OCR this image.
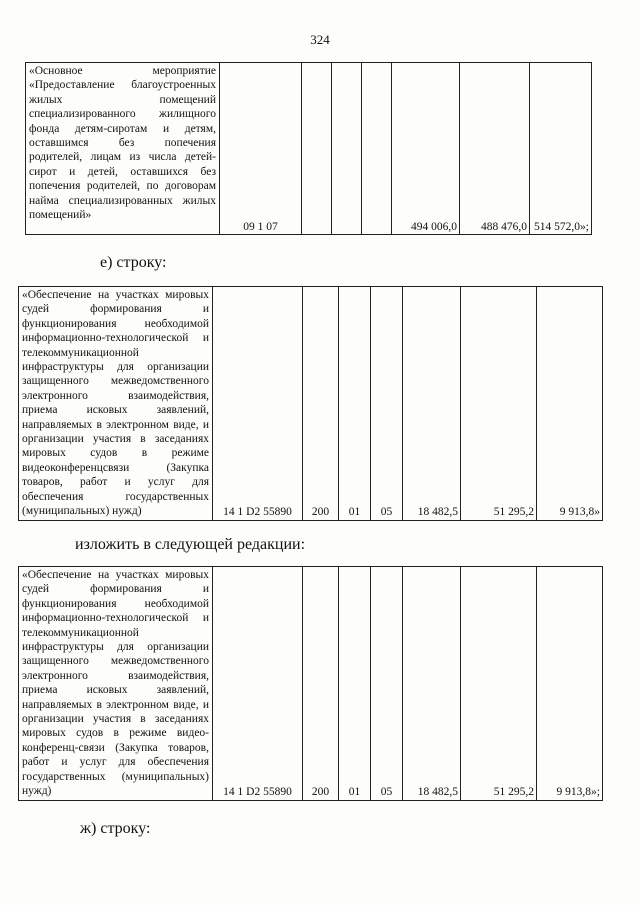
324
«Основное мероприятие «Предоставление благоустроенных жилых помещений специализированного жилищного фонда детям-сиротам и детям, оставшимся без попечения родителей, лицам из числа детей-сирот и детей, оставшихся без попечения родителей, по договорам найма специализированных жилых помещений»	09 1 07				494 006,0	488 476,0	514 572,0»;
е) строку:
«Обеспечение на участках мировых судей формирования и функционирования необходимой информационно-технологической и телекоммуникационной инфраструктуры для организации защищенного межведомственного электронного взаимодействия, приема исковых заявлений, направляемых в электронном виде, и организации участия в заседаниях мировых судов в режиме видеоконференцсвязи (Закупка товаров, работ и услуг для обеспечения государственных (муниципальных) нужд)	14 1 D2 55890	200	01	05	18 482,5	51 295,2	9 913,8»
изложить в следующей редакции:
«Обеспечение на участках мировых судей формирования и функционирования необходимой информационно-технологической и телекоммуникационной инфраструктуры для организации защищенного межведомственного электронного взаимодействия, приема исковых заявлений, направляемых в электронном виде, и организации участия в заседаниях мировых судов в режиме видео-конференц-связи (Закупка товаров, работ и услуг для обеспечения государственных (муниципальных) нужд)	14 1 D2 55890	200	01	05	18 482,5	51 295,2	9 913,8»;
ж) строку:
